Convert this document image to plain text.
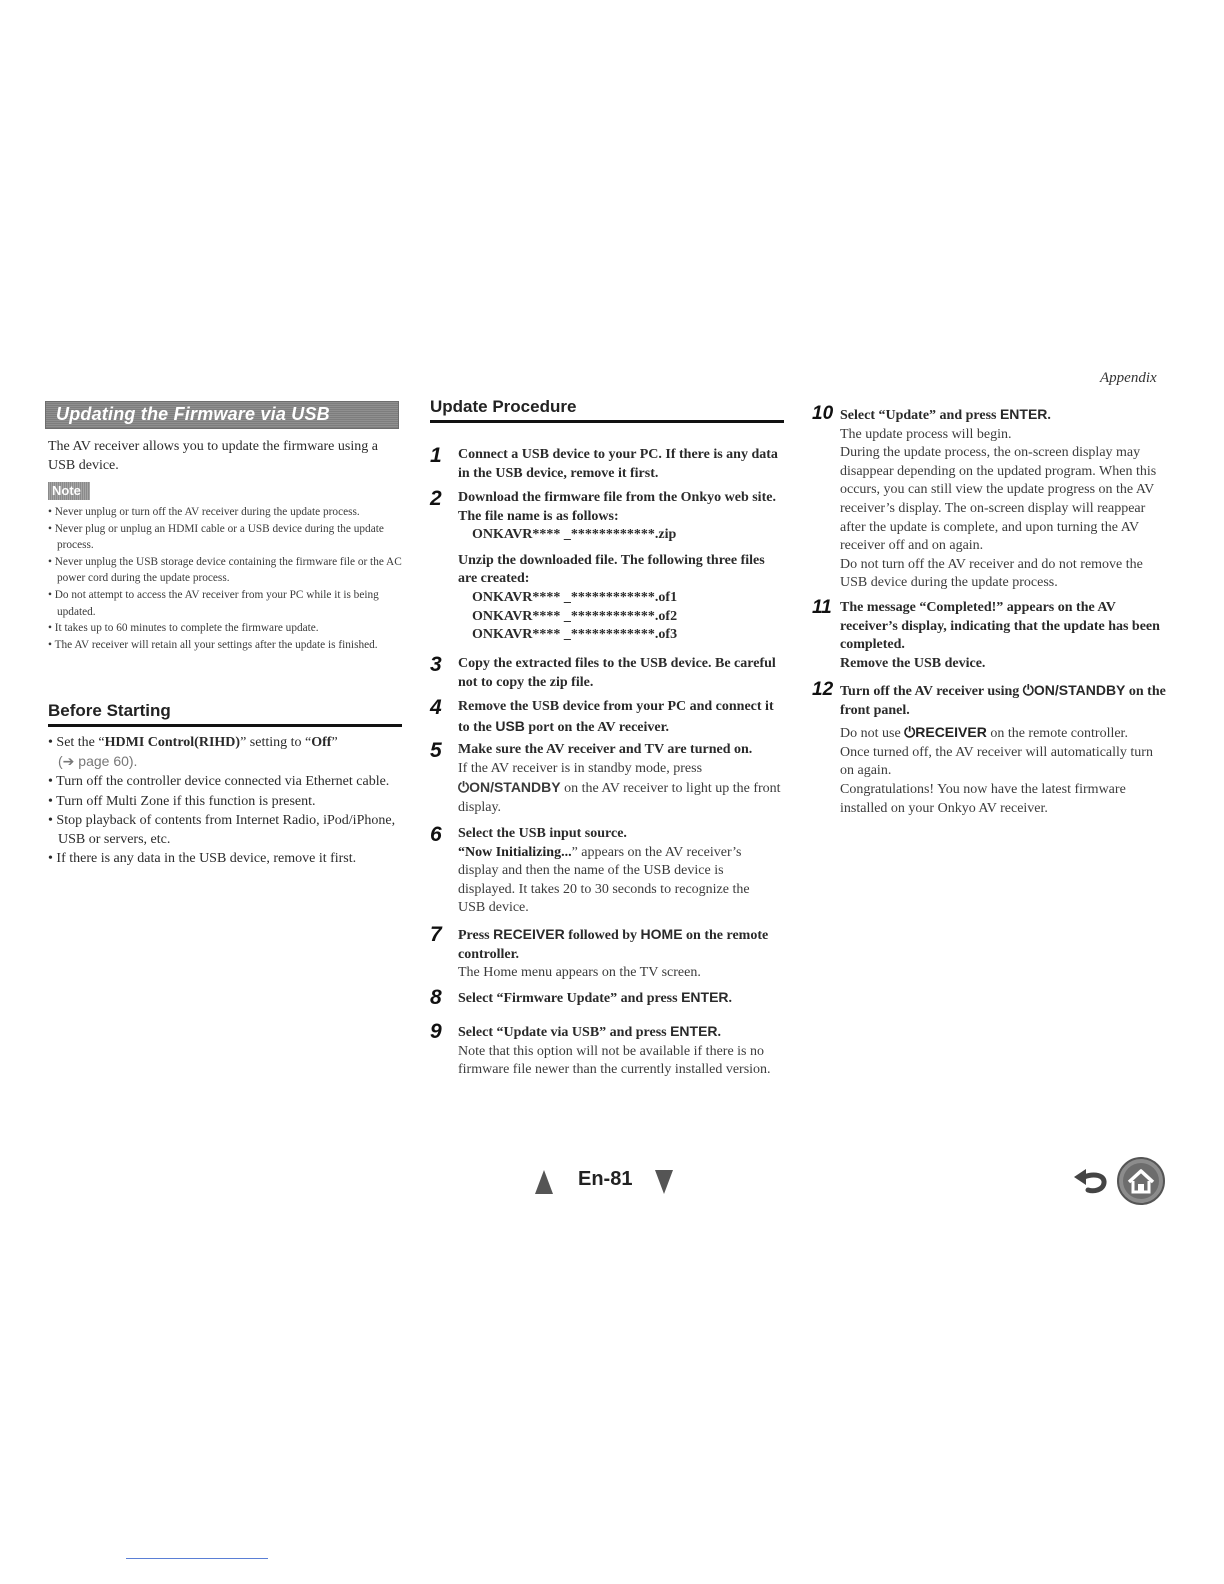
Appendix
Updating the Firmware via USB
The AV receiver allows you to update the firmware using a USB device.
Note
• Never unplug or turn off the AV receiver during the update process.
• Never plug or unplug an HDMI cable or a USB device during the update process.
• Never unplug the USB storage device containing the firmware file or the AC power cord during the update process.
• Do not attempt to access the AV receiver from your PC while it is being updated.
• It takes up to 60 minutes to complete the firmware update.
• The AV receiver will retain all your settings after the update is finished.
Before Starting
• Set the “HDMI Control(RIHD)” setting to “Off”
(➔ page 60).
• Turn off the controller device connected via Ethernet cable.
• Turn off Multi Zone if this function is present.
• Stop playback of contents from Internet Radio, iPod/iPhone, USB or servers, etc.
• If there is any data in the USB device, remove it first.
Update Procedure
1	Connect a USB device to your PC. If there is any data in the USB device, remove it first.
2	Download the firmware file from the Onkyo web site. The file name is as follows:
ONKAVR**** _************.zip
Unzip the downloaded file. The following three files are created:
ONKAVR**** _************.of1
ONKAVR**** _************.of2
ONKAVR**** _************.of3
3	Copy the extracted files to the USB device. Be careful not to copy the zip file.
4	Remove the USB device from your PC and connect it to the USB port on the AV receiver.
5	Make sure the AV receiver and TV are turned on.
If the AV receiver is in standby mode, press
⏻ON/STANDBY on the AV receiver to light up the front display.
6	Select the USB input source.
“Now Initializing...” appears on the AV receiver’s display and then the name of the USB device is displayed. It takes 20 to 30 seconds to recognize the USB device.
7	Press RECEIVER followed by HOME on the remote controller.
The Home menu appears on the TV screen.
8	Select “Firmware Update” and press ENTER.
9	Select “Update via USB” and press ENTER.
Note that this option will not be available if there is no firmware file newer than the currently installed version.
10 Select “Update” and press ENTER.
The update process will begin.
During the update process, the on-screen display may disappear depending on the updated program. When this occurs, you can still view the update progress on the AV receiver’s display. The on-screen display will reappear after the update is complete, and upon turning the AV receiver off and on again.
Do not turn off the AV receiver and do not remove the USB device during the update process.
11 The message “Completed!” appears on the AV receiver’s display, indicating that the update has been completed.
Remove the USB device.
12 Turn off the AV receiver using ⏻ON/STANDBY on the front panel.
Do not use ⏻RECEIVER on the remote controller.
Once turned off, the AV receiver will automatically turn on again.
Congratulations! You now have the latest firmware installed on your Onkyo AV receiver.
En-81
